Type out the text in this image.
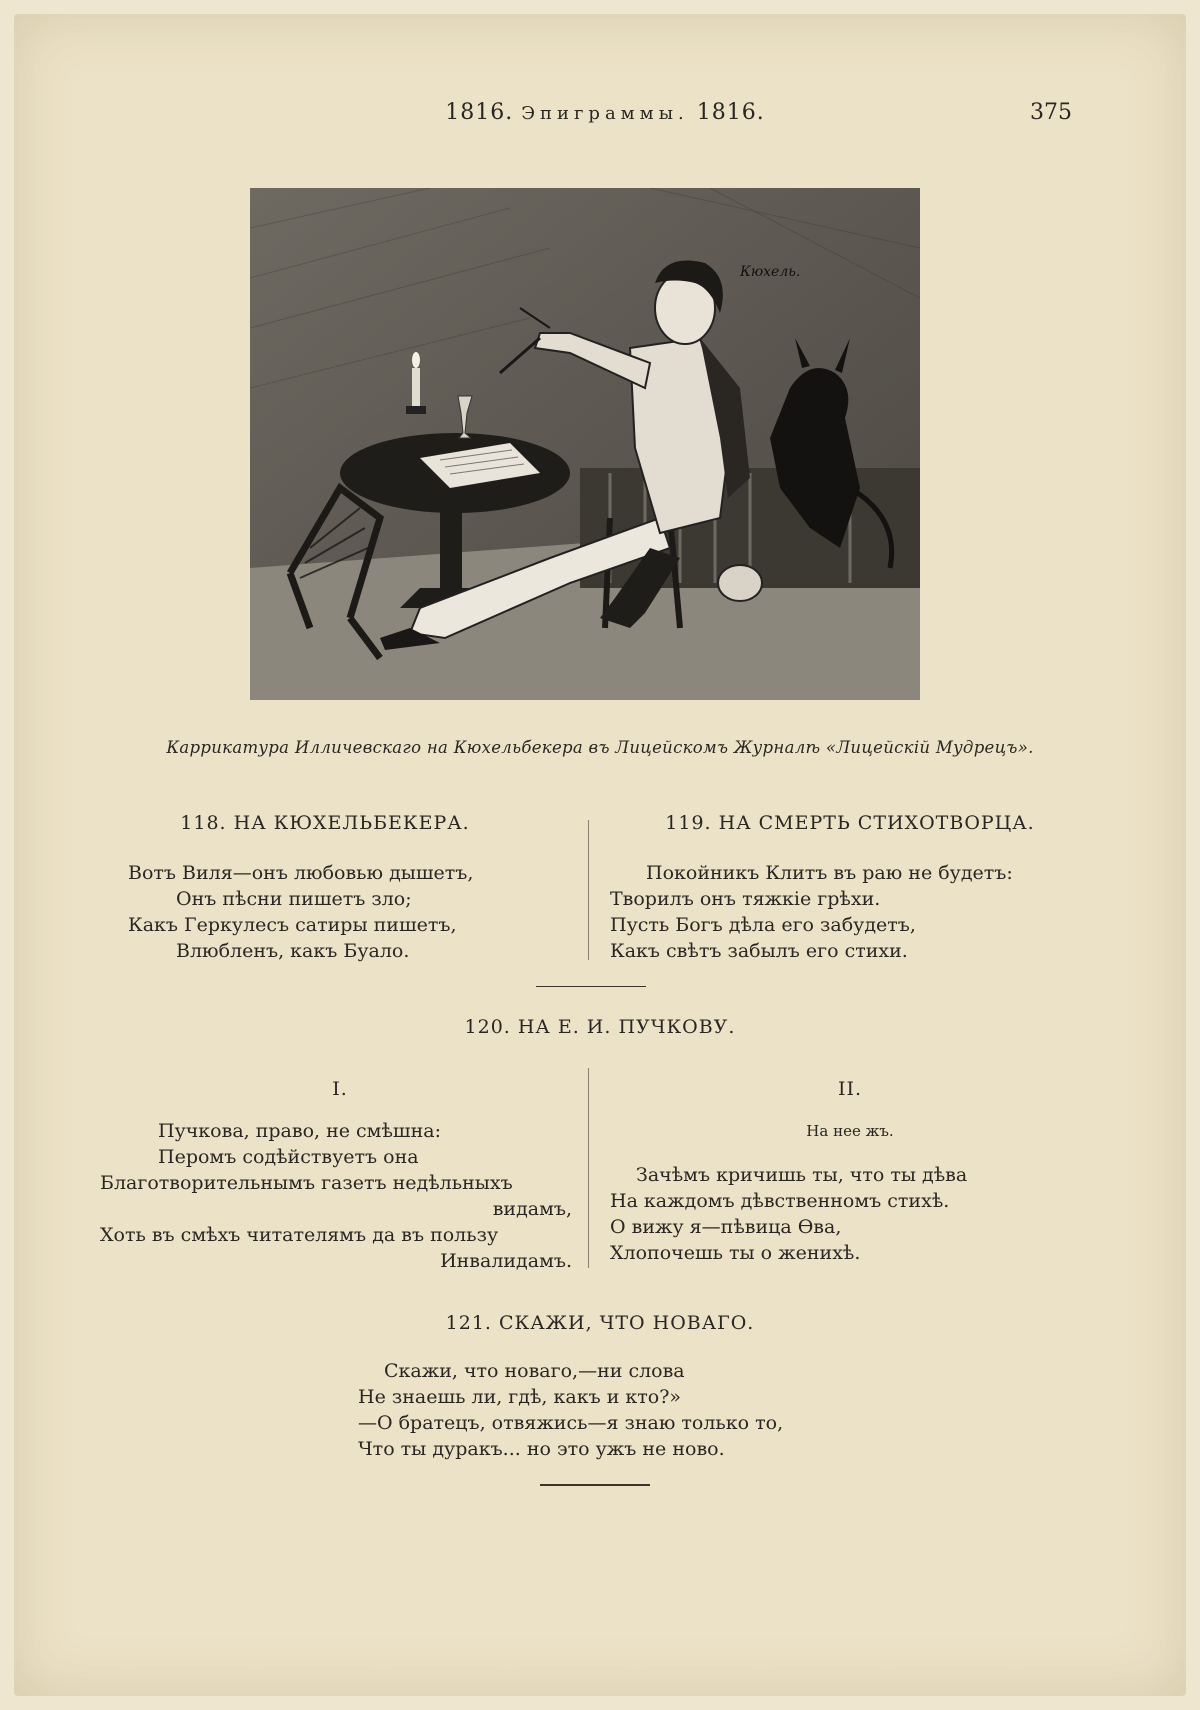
1816. Эпиграммы. 1816.	375
Кюхель.
Каррикатура Илличевскаго на Кюхельбекера въ Лицейскомъ Журналѣ «Лицейскій Мудрецъ».
118. НА КЮХЕЛЬБЕКЕРА.
Вотъ Виля—онъ любовью дышетъ,
Онъ пѣсни пишетъ зло;
Какъ Геркулесъ сатиры пишетъ,
Влюбленъ, какъ Буало.
119. НА СМЕРТЬ СТИХОТВОРЦА.
Покойникъ Клитъ въ раю не будетъ:
Творилъ онъ тяжкіе грѣхи.
Пусть Богъ дѣла его забудетъ,
Какъ свѣтъ забылъ его стихи.
120. НА Е. И. ПУЧКОВУ.
I.
Пучкова, право, не смѣшна:
Перомъ содѣйствуетъ она
Благотворительнымъ газетъ недѣльныхъ
видамъ,
Хоть въ смѣхъ читателямъ да въ пользу
Инвалидамъ.
II.
На нее жъ.
Зачѣмъ кричишь ты, что ты дѣва
На каждомъ дѣвственномъ стихѣ.
О вижу я—пѣвица Ѳва,
Хлопочешь ты о женихѣ.
121. СКАЖИ, ЧТО НОВАГО.
Скажи, что новаго,—ни слова
Не знаешь ли, гдѣ, какъ и кто?»
—О братецъ, отвяжись—я знаю только то,
Что ты дуракъ... но это ужъ не ново.
